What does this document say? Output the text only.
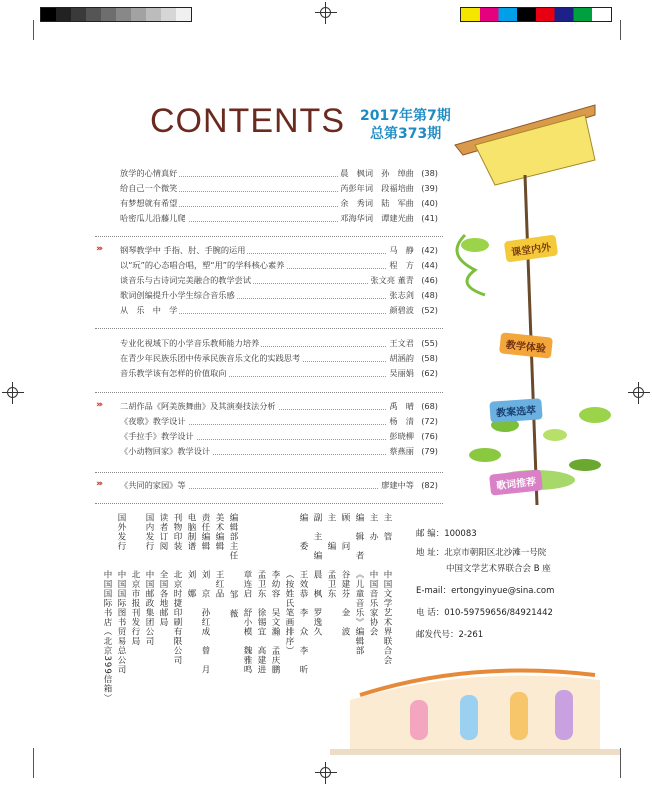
CONTENTS 2017年第7期
总第373期
课堂内外
教学体验
教案选萃
歌词推荐
放学的心情真好	晨　枫词　孙　绰曲 (38)
给自己一个微笑	芮彭年词　段福培曲 (39)
有梦想就有希望	余　秀词　陆　军曲 (40)
哈密瓜儿沿藤儿爬	邓海华词　谭建光曲 (41)
››› 钢琴教学中 手指、肘、手腕的运用	马　静 (42)
以“玩”的心态唱合唱，塑“用”的学科核心素养	程　方 (44)
谈音乐与古诗词完美融合的教学尝试	张文亮 董青 (46)
歌词创编提升小学生综合音乐感	张志剑 (48)
从　乐　中　学	颜碧波 (52)
专业化视域下的小学音乐教师能力培养	王文君 (55)
在青少年民族乐团中传承民族音乐文化的实践思考	胡涵韵 (58)
音乐教学该有怎样的价值取向	吴丽娟 (62)
››› 二胡作品《阿美族舞曲》及其演奏技法分析	禹　晴 (68)
《夜歌》教学设计	杨　清 (72)
《手拉手》教学设计	彭晓柳 (76)
《小动物回家》教学设计	蔡燕丽 (79)
››› 《共同的家园》等	廖建中等 (82)
主　管
中国文学艺术界联合会
主　办
中国音乐家协会
编　辑　者
《儿童音乐》编辑部
顾　　问
谷建芬　金　波
主　　编
孟卫东
副　主　编
晨　枫　罗逸久
编　　委
王效恭　李　众　李　昕
（按姓氏笔画排序）
李幼容　吴文瀚　孟庆鹏
孟卫东　徐锡宜　高建进
章连启　舒小模　魏雅鸣
编辑部主任
邹　薇
美术编辑
王红品
责任编辑
刘　京　孙红成　曾　月
电脑制谱
刘　娜
刊物印装
北京时捷印刷有限公司
读者订阅
全国各地邮局
国内发行
中国邮政集团公司
北京市报刊发行局
国外发行
中国国际图书贸易总公司
中国国际书店（北京399信箱）
邮 编：100083
地 址：北京市朝阳区北沙滩一号院
中国文学艺术界联合会 B 座
E-mail：ertongyinyue@sina.com
电 话：010-59759656/84921442
邮发代号：2-261
